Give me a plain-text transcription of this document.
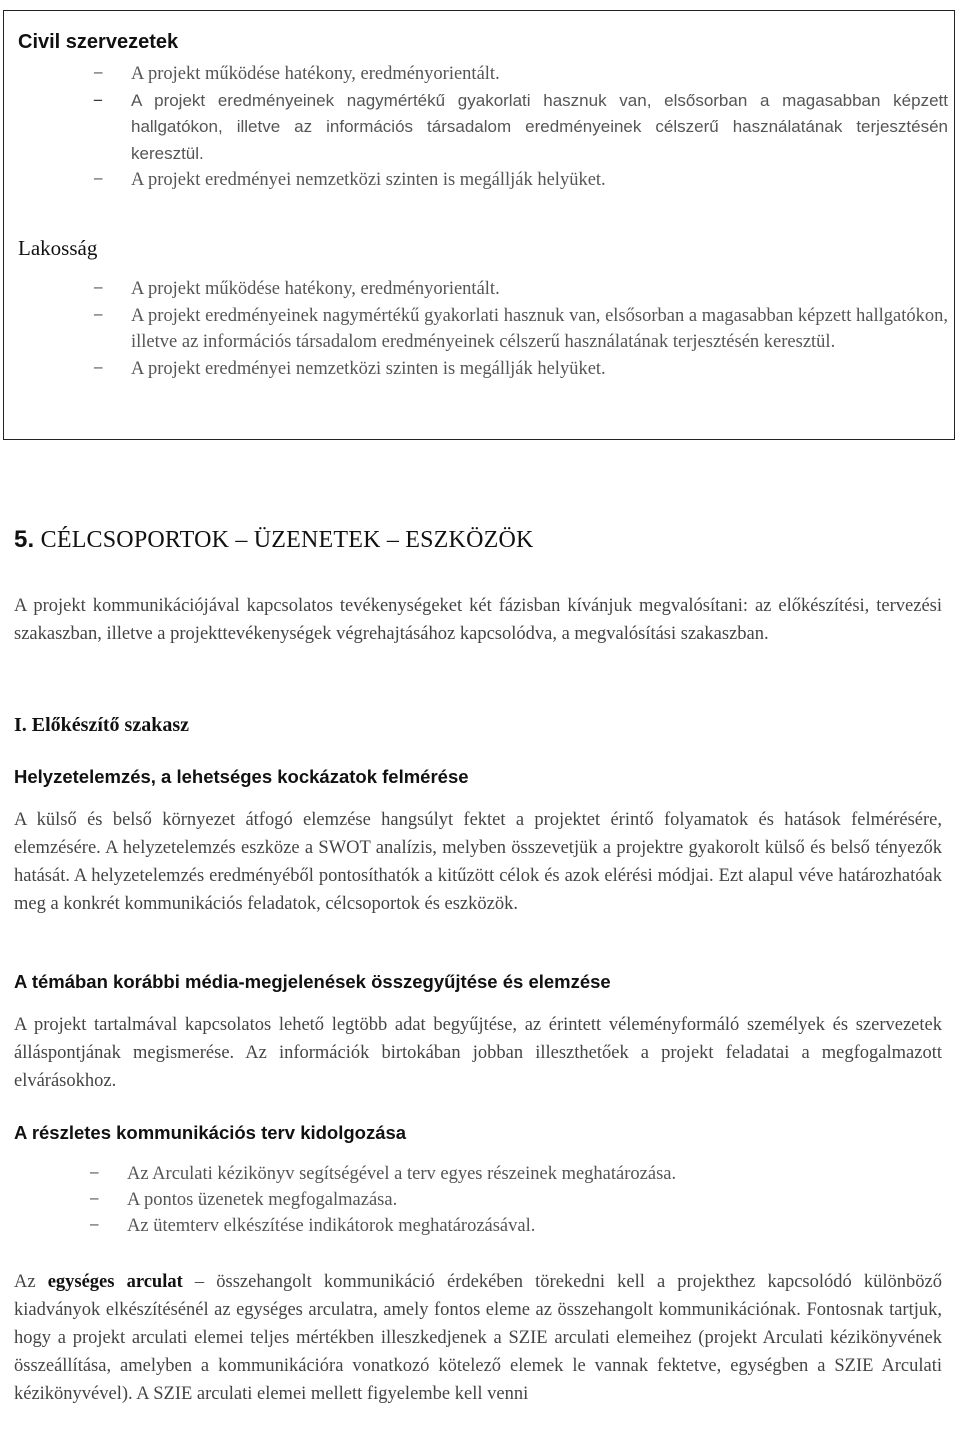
Civil szervezetek
− A projekt működése hatékony, eredményorientált.
− A projekt eredményeinek nagymértékű gyakorlati hasznuk van, elsősorban a magasabban képzett hallgatókon, illetve az információs társadalom eredményeinek célszerű használatának terjesztésén keresztül.
− A projekt eredményei nemzetközi szinten is megállják helyüket.
Lakosság
− A projekt működése hatékony, eredményorientált.
− A projekt eredményeinek nagymértékű gyakorlati hasznuk van, elsősorban a magasabban képzett hallgatókon, illetve az információs társadalom eredményeinek célszerű használatának terjesztésén keresztül.
− A projekt eredményei nemzetközi szinten is megállják helyüket.
5. CÉLCSOPORTOK – ÜZENETEK – ESZKÖZÖK

A projekt kommunikációjával kapcsolatos tevékenységeket két fázisban kívánjuk megvalósítani: az előkészítési, tervezési szakaszban, illetve a projekttevékenységek végrehajtásához kapcsolódva, a megvalósítási szakaszban.

I. Előkészítő szakasz
Helyzetelemzés, a lehetséges kockázatok felmérése

A külső és belső környezet átfogó elemzése hangsúlyt fektet a projektet érintő folyamatok és hatások felmérésére, elemzésére. A helyzetelemzés eszköze a SWOT analízis, melyben összevetjük a projektre gyakorolt külső és belső tényezők hatását. A helyzetelemzés eredményéből pontosíthatók a kitűzött célok és azok elérési módjai. Ezt alapul véve határozhatóak meg a konkrét kommunikációs feladatok, célcsoportok és eszközök.

A témában korábbi média-megjelenések összegyűjtése és elemzése

A projekt tartalmával kapcsolatos lehető legtöbb adat begyűjtése, az érintett véleményformáló személyek és szervezetek álláspontjának megismerése. Az információk birtokában jobban illeszthetőek a projekt feladatai a megfogalmazott elvárásokhoz.

A részletes kommunikációs terv kidolgozása
− Az Arculati kézikönyv segítségével a terv egyes részeinek meghatározása.
− A pontos üzenetek megfogalmazása.
− Az ütemterv elkészítése indikátorok meghatározásával.

Az egységes arculat – összehangolt kommunikáció érdekében törekedni kell a projekthez kapcsolódó különböző kiadványok elkészítésénél az egységes arculatra, amely fontos eleme az összehangolt kommunikációnak. Fontosnak tartjuk, hogy a projekt arculati elemei teljes mértékben illeszkedjenek a SZIE arculati elemeihez (projekt Arculati kézikönyvének összeállítása, amelyben a kommunikációra vonatkozó kötelező elemek le vannak fektetve, egységben a SZIE Arculati kézikönyvével). A SZIE arculati elemei mellett figyelembe kell venni
